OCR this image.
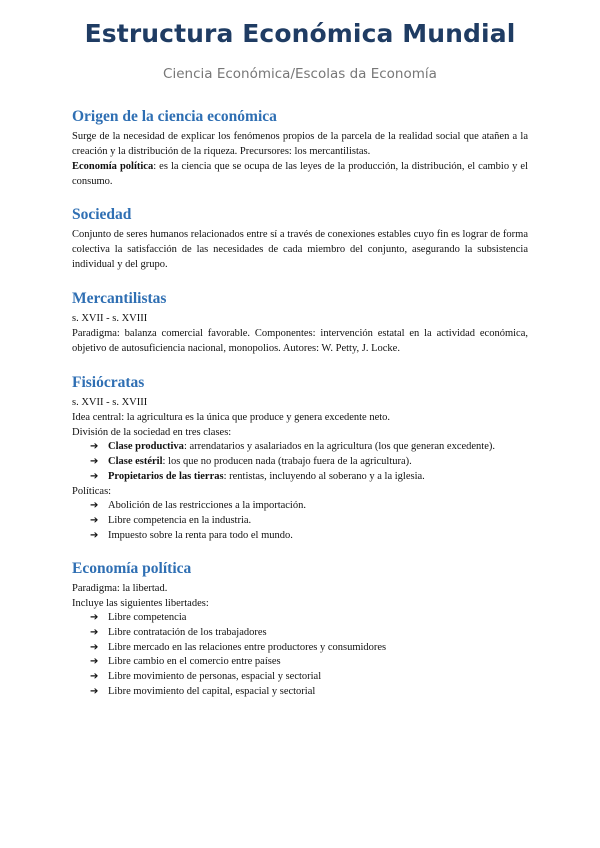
Estructura Económica Mundial
Ciencia Económica/Escolas da Economía
Origen de la ciencia económica

Surge de la necesidad de explicar los fenómenos propios de la parcela de la realidad social que atañen a la creación y la distribución de la riqueza. Precursores: los mercantilistas.

Economía política: es la ciencia que se ocupa de las leyes de la producción, la distribución, el cambio y el consumo.

Sociedad

Conjunto de seres humanos relacionados entre sí a través de conexiones estables cuyo fin es lograr de forma colectiva la satisfacción de las necesidades de cada miembro del conjunto, asegurando la subsistencia individual y del grupo.

Mercantilistas

s. XVII - s. XVIII

Paradigma: balanza comercial favorable. Componentes: intervención estatal en la actividad económica, objetivo de autosuficiencia nacional, monopolios. Autores: W. Petty, J. Locke.

Fisiócratas

s. XVII - s. XVIII

Idea central: la agricultura es la única que produce y genera excedente neto.

División de la sociedad en tres clases:

➔ Clase productiva: arrendatarios y asalariados en la agricultura (los que generan excedente).
➔ Clase estéril: los que no producen nada (trabajo fuera de la agricultura).
➔ Propietarios de las tierras: rentistas, incluyendo al soberano y a la iglesia.

Políticas:

➔ Abolición de las restricciones a la importación.
➔ Libre competencia en la industria.
➔ Impuesto sobre la renta para todo el mundo.
Economía política

Paradigma: la libertad.

Incluye las siguientes libertades:

➔ Libre competencia
➔ Libre contratación de los trabajadores
➔ Libre mercado en las relaciones entre productores y consumidores
➔ Libre cambio en el comercio entre países
➔ Libre movimiento de personas, espacial y sectorial
➔ Libre movimiento del capital, espacial y sectorial
